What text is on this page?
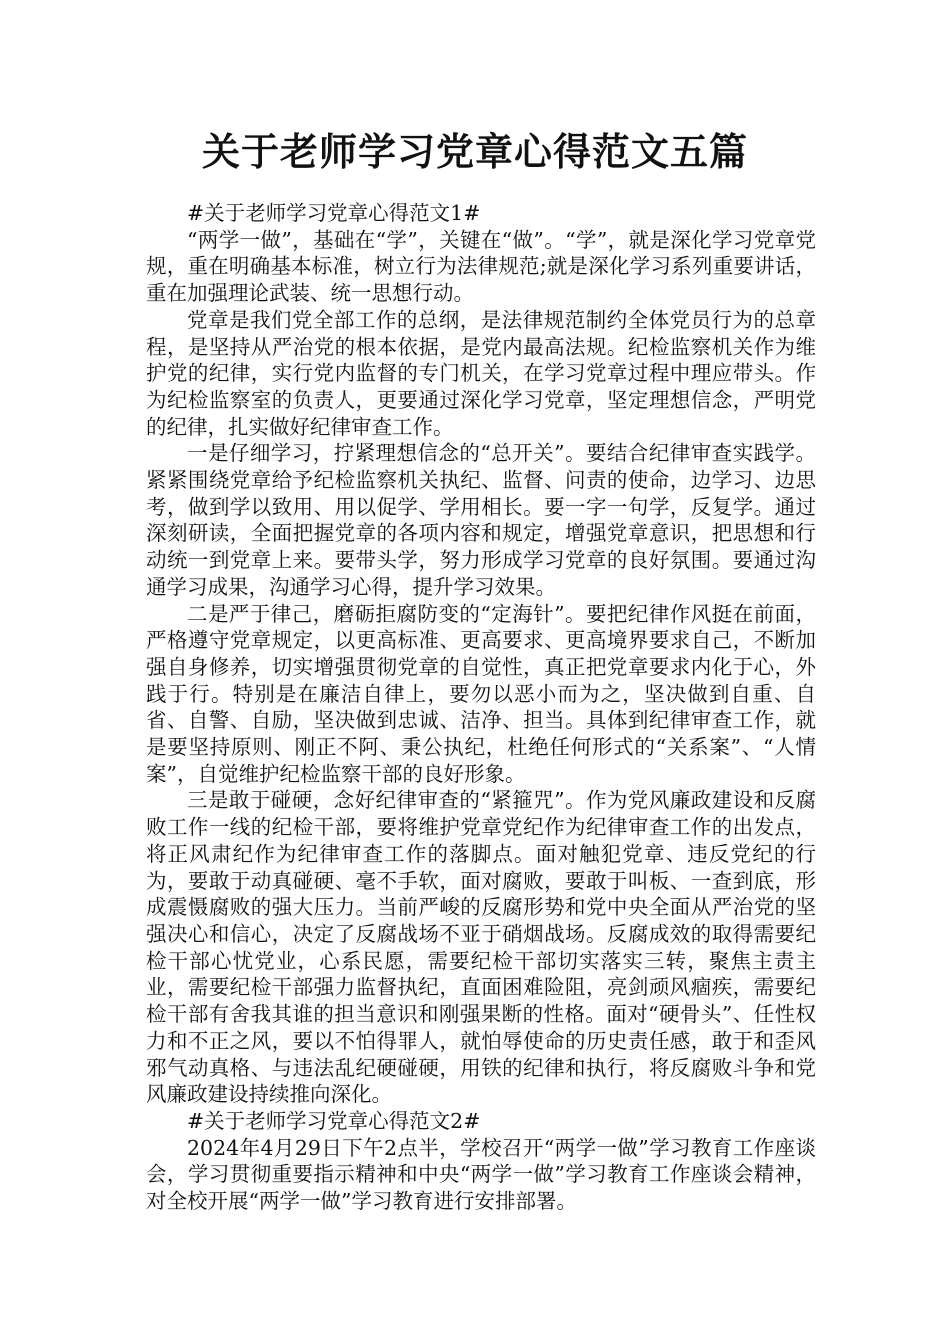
关于老师学习党章心得范文五篇

#关于老师学习党章心得范文1#

“两学一做”，基础在“学”，关键在“做”。“学”，就是深化学习党章党规，重在明确基本标准，树立行为法律规范;就是深化学习系列重要讲话，重在加强理论武装、统一思想行动。

党章是我们党全部工作的总纲，是法律规范制约全体党员行为的总章程，是坚持从严治党的根本依据，是党内最高法规。纪检监察机关作为维护党的纪律，实行党内监督的专门机关，在学习党章过程中理应带头。作为纪检监察室的负责人，更要通过深化学习党章，坚定理想信念，严明党的纪律，扎实做好纪律审查工作。

一是仔细学习，拧紧理想信念的“总开关”。要结合纪律审查实践学。紧紧围绕党章给予纪检监察机关执纪、监督、问责的使命，边学习、边思考，做到学以致用、用以促学、学用相长。要一字一句学，反复学。通过深刻研读，全面把握党章的各项内容和规定，增强党章意识，把思想和行动统一到党章上来。要带头学，努力形成学习党章的良好氛围。要通过沟通学习成果，沟通学习心得，提升学习效果。

二是严于律己，磨砺拒腐防变的“定海针”。要把纪律作风挺在前面，严格遵守党章规定，以更高标准、更高要求、更高境界要求自己，不断加强自身修养，切实增强贯彻党章的自觉性，真正把党章要求内化于心，外践于行。特别是在廉洁自律上，要勿以恶小而为之，坚决做到自重、自省、自警、自励，坚决做到忠诚、洁净、担当。具体到纪律审查工作，就是要坚持原则、刚正不阿、秉公执纪，杜绝任何形式的“关系案”、“人情案”，自觉维护纪检监察干部的良好形象。

三是敢于碰硬，念好纪律审查的“紧箍咒”。作为党风廉政建设和反腐败工作一线的纪检干部，要将维护党章党纪作为纪律审查工作的出发点，将正风肃纪作为纪律审查工作的落脚点。面对触犯党章、违反党纪的行为，要敢于动真碰硬、毫不手软，面对腐败，要敢于叫板、一查到底，形成震慑腐败的强大压力。当前严峻的反腐形势和党中央全面从严治党的坚强决心和信心，决定了反腐战场不亚于硝烟战场。反腐成效的取得需要纪检干部心忧党业，心系民愿，需要纪检干部切实落实三转，聚焦主责主业，需要纪检干部强力监督执纪，直面困难险阻，亮剑顽风痼疾，需要纪检干部有舍我其谁的担当意识和刚强果断的性格。面对“硬骨头”、任性权力和不正之风，要以不怕得罪人，就怕辱使命的历史责任感，敢于和歪风邪气动真格、与违法乱纪硬碰硬，用铁的纪律和执行，将反腐败斗争和党风廉政建设持续推向深化。

#关于老师学习党章心得范文2#

2024年4月29日下午2点半，学校召开“两学一做”学习教育工作座谈会，学习贯彻重要指示精神和中央“两学一做”学习教育工作座谈会精神，对全校开展“两学一做”学习教育进行安排部署。
